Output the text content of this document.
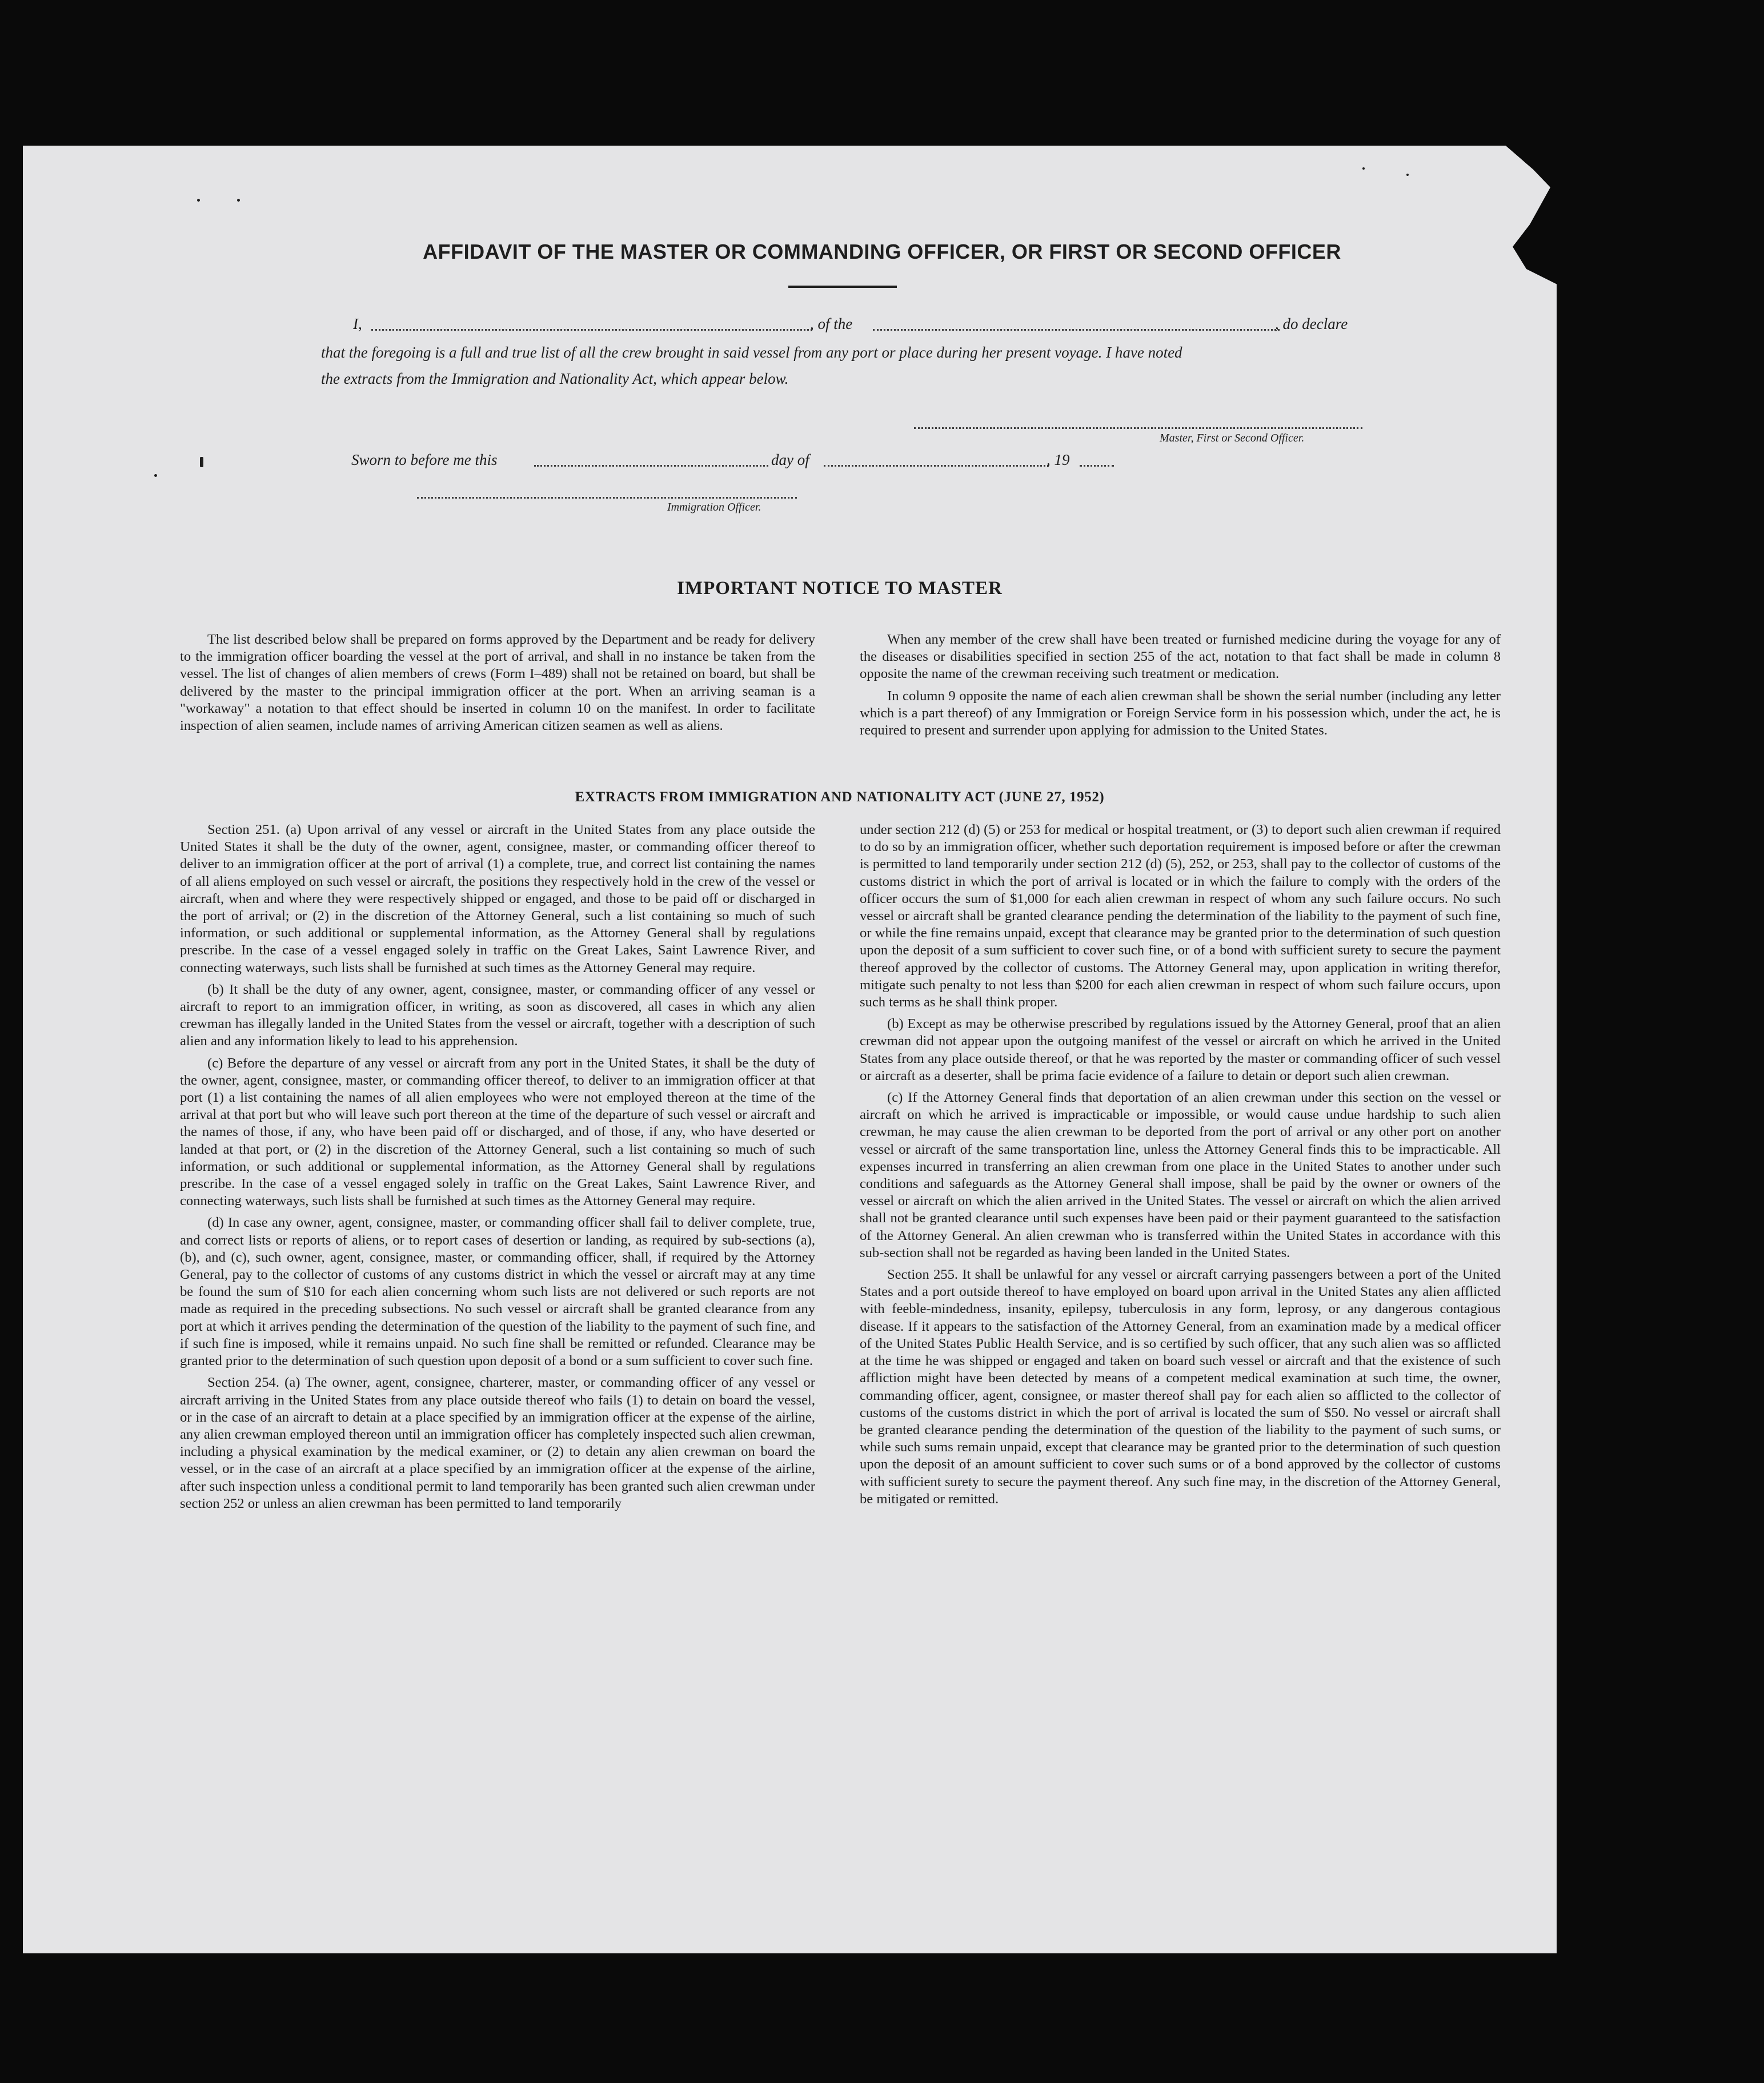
AFFIDAVIT OF THE MASTER OR COMMANDING OFFICER, OR FIRST OR SECOND OFFICER
I,	, of the	, do declare
that the foregoing is a full and true list of all the crew brought in said vessel from any port or place during her present voyage. I have noted
the extracts from the Immigration and Nationality Act, which appear below.
Master, First or Second Officer.
Sworn to before me this	day of	, 19
Immigration Officer.
IMPORTANT NOTICE TO MASTER

The list described below shall be prepared on forms approved by the Department and be ready for delivery to the immigration officer boarding the vessel at the port of arrival, and shall in no instance be taken from the vessel. The list of changes of alien members of crews (Form I–489) shall not be retained on board, but shall be delivered by the master to the principal immigration officer at the port. When an arriving seaman is a "workaway" a notation to that effect should be inserted in column 10 on the manifest. In order to facilitate inspection of alien seamen, include names of arriving American citizen seamen as well as aliens.

When any member of the crew shall have been treated or furnished medicine during the voyage for any of the diseases or disabilities specified in section 255 of the act, notation to that fact shall be made in column 8 opposite the name of the crewman receiving such treatment or medication.

In column 9 opposite the name of each alien crewman shall be shown the serial number (including any letter which is a part thereof) of any Immigration or Foreign Service form in his possession which, under the act, he is required to present and surrender upon applying for admission to the United States.

EXTRACTS FROM IMMIGRATION AND NATIONALITY ACT (JUNE 27, 1952)

Section 251. (a) Upon arrival of any vessel or aircraft in the United States from any place outside the United States it shall be the duty of the owner, agent, consignee, master, or commanding officer thereof to deliver to an immigration officer at the port of arrival (1) a complete, true, and correct list containing the names of all aliens employed on such vessel or aircraft, the positions they respectively hold in the crew of the vessel or aircraft, when and where they were respectively shipped or engaged, and those to be paid off or discharged in the port of arrival; or (2) in the discretion of the Attorney General, such a list containing so much of such information, or such additional or supplemental information, as the Attorney General shall by regulations prescribe. In the case of a vessel engaged solely in traffic on the Great Lakes, Saint Lawrence River, and connecting waterways, such lists shall be furnished at such times as the Attorney General may require.

(b) It shall be the duty of any owner, agent, consignee, master, or commanding officer of any vessel or aircraft to report to an immigration officer, in writing, as soon as discovered, all cases in which any alien crewman has illegally landed in the United States from the vessel or aircraft, together with a description of such alien and any information likely to lead to his apprehension.

(c) Before the departure of any vessel or aircraft from any port in the United States, it shall be the duty of the owner, agent, consignee, master, or commanding officer thereof, to deliver to an immigration officer at that port (1) a list containing the names of all alien employees who were not employed thereon at the time of the arrival at that port but who will leave such port thereon at the time of the departure of such vessel or aircraft and the names of those, if any, who have been paid off or discharged, and of those, if any, who have deserted or landed at that port, or (2) in the discretion of the Attorney General, such a list containing so much of such information, or such additional or supplemental information, as the Attorney General shall by regulations prescribe. In the case of a vessel engaged solely in traffic on the Great Lakes, Saint Lawrence River, and connecting waterways, such lists shall be furnished at such times as the Attorney General may require.

(d) In case any owner, agent, consignee, master, or commanding officer shall fail to deliver complete, true, and correct lists or reports of aliens, or to report cases of desertion or landing, as required by sub-sections (a), (b), and (c), such owner, agent, consignee, master, or commanding officer, shall, if required by the Attorney General, pay to the collector of customs of any customs district in which the vessel or aircraft may at any time be found the sum of $10 for each alien concerning whom such lists are not delivered or such reports are not made as required in the preceding subsections. No such vessel or aircraft shall be granted clearance from any port at which it arrives pending the determination of the question of the liability to the payment of such fine, and if such fine is imposed, while it remains unpaid. No such fine shall be remitted or refunded. Clearance may be granted prior to the determination of such question upon deposit of a bond or a sum sufficient to cover such fine.

Section 254. (a) The owner, agent, consignee, charterer, master, or commanding officer of any vessel or aircraft arriving in the United States from any place outside thereof who fails (1) to detain on board the vessel, or in the case of an aircraft to detain at a place specified by an immigration officer at the expense of the airline, any alien crewman employed thereon until an immigration officer has completely inspected such alien crewman, including a physical examination by the medical examiner, or (2) to detain any alien crewman on board the vessel, or in the case of an aircraft at a place specified by an immigration officer at the expense of the airline, after such inspection unless a conditional permit to land temporarily has been granted such alien crewman under section 252 or unless an alien crewman has been permitted to land temporarily

under section 212 (d) (5) or 253 for medical or hospital treatment, or (3) to deport such alien crewman if required to do so by an immigration officer, whether such deportation requirement is imposed before or after the crewman is permitted to land temporarily under section 212 (d) (5), 252, or 253, shall pay to the collector of customs of the customs district in which the port of arrival is located or in which the failure to comply with the orders of the officer occurs the sum of $1,000 for each alien crewman in respect of whom any such failure occurs. No such vessel or aircraft shall be granted clearance pending the determination of the liability to the payment of such fine, or while the fine remains unpaid, except that clearance may be granted prior to the determination of such question upon the deposit of a sum sufficient to cover such fine, or of a bond with sufficient surety to secure the payment thereof approved by the collector of customs. The Attorney General may, upon application in writing therefor, mitigate such penalty to not less than $200 for each alien crewman in respect of whom such failure occurs, upon such terms as he shall think proper.

(b) Except as may be otherwise prescribed by regulations issued by the Attorney General, proof that an alien crewman did not appear upon the outgoing manifest of the vessel or aircraft on which he arrived in the United States from any place outside thereof, or that he was reported by the master or commanding officer of such vessel or aircraft as a deserter, shall be prima facie evidence of a failure to detain or deport such alien crewman.

(c) If the Attorney General finds that deportation of an alien crewman under this section on the vessel or aircraft on which he arrived is impracticable or impossible, or would cause undue hardship to such alien crewman, he may cause the alien crewman to be deported from the port of arrival or any other port on another vessel or aircraft of the same transportation line, unless the Attorney General finds this to be impracticable. All expenses incurred in transferring an alien crewman from one place in the United States to another under such conditions and safeguards as the Attorney General shall impose, shall be paid by the owner or owners of the vessel or aircraft on which the alien arrived in the United States. The vessel or aircraft on which the alien arrived shall not be granted clearance until such expenses have been paid or their payment guaranteed to the satisfaction of the Attorney General. An alien crewman who is transferred within the United States in accordance with this sub-section shall not be regarded as having been landed in the United States.

Section 255. It shall be unlawful for any vessel or aircraft carrying passengers between a port of the United States and a port outside thereof to have employed on board upon arrival in the United States any alien afflicted with feeble-mindedness, insanity, epilepsy, tuberculosis in any form, leprosy, or any dangerous contagious disease. If it appears to the satisfaction of the Attorney General, from an examination made by a medical officer of the United States Public Health Service, and is so certified by such officer, that any such alien was so afflicted at the time he was shipped or engaged and taken on board such vessel or aircraft and that the existence of such affliction might have been detected by means of a competent medical examination at such time, the owner, commanding officer, agent, consignee, or master thereof shall pay for each alien so afflicted to the collector of customs of the customs district in which the port of arrival is located the sum of $50. No vessel or aircraft shall be granted clearance pending the determination of the question of the liability to the payment of such sums, or while such sums remain unpaid, except that clearance may be granted prior to the determination of such question upon the deposit of an amount sufficient to cover such sums or of a bond approved by the collector of customs with sufficient surety to secure the payment thereof. Any such fine may, in the discretion of the Attorney General, be mitigated or remitted.
